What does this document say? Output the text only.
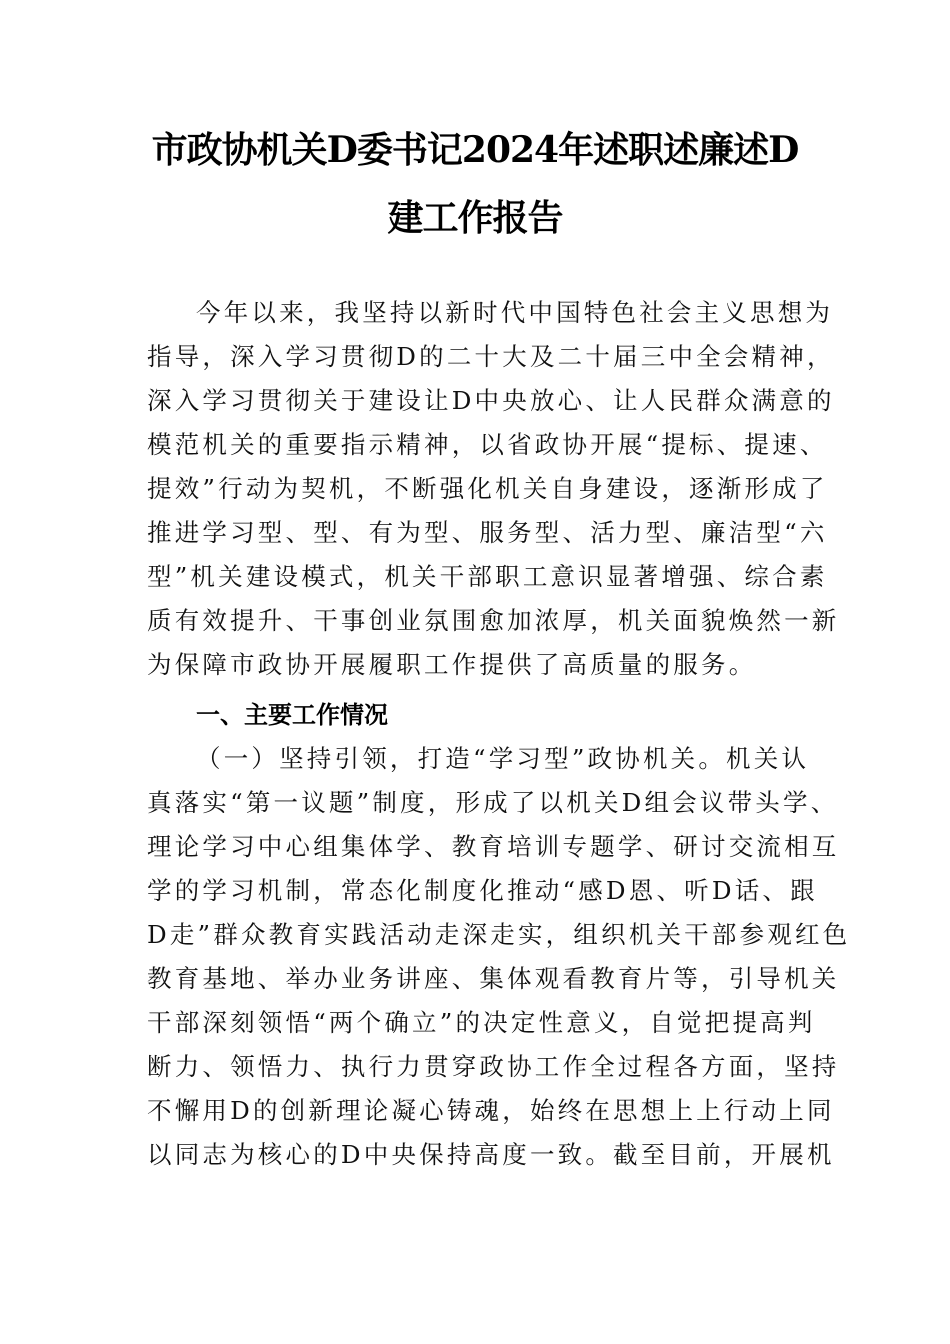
市政协机关D委书记2024年述职述廉述D
建工作报告
今年以来，我坚持以新时代中国特色社会主义思想为
指导，深入学习贯彻D的二十大及二十届三中全会精神，
深入学习贯彻关于建设让D中央放心、让人民群众满意的
模范机关的重要指示精神，以省政协开展“提标、提速、
提效”行动为契机，不断强化机关自身建设，逐渐形成了
推进学习型、型、有为型、服务型、活力型、廉洁型“六
型”机关建设模式，机关干部职工意识显著增强、综合素
质有效提升、干事创业氛围愈加浓厚，机关面貌焕然一新
为保障市政协开展履职工作提供了高质量的服务。
一、主要工作情况
（一）坚持引领，打造“学习型”政协机关。机关认
真落实“第一议题”制度，形成了以机关D组会议带头学、
理论学习中心组集体学、教育培训专题学、研讨交流相互
学的学习机制，常态化制度化推动“感D恩、听D话、跟
D走”群众教育实践活动走深走实，组织机关干部参观红色
教育基地、举办业务讲座、集体观看教育片等，引导机关
干部深刻领悟“两个确立”的决定性意义，自觉把提高判
断力、领悟力、执行力贯穿政协工作全过程各方面，坚持
不懈用D的创新理论凝心铸魂，始终在思想上上行动上同
以同志为核心的D中央保持高度一致。截至目前，开展机
